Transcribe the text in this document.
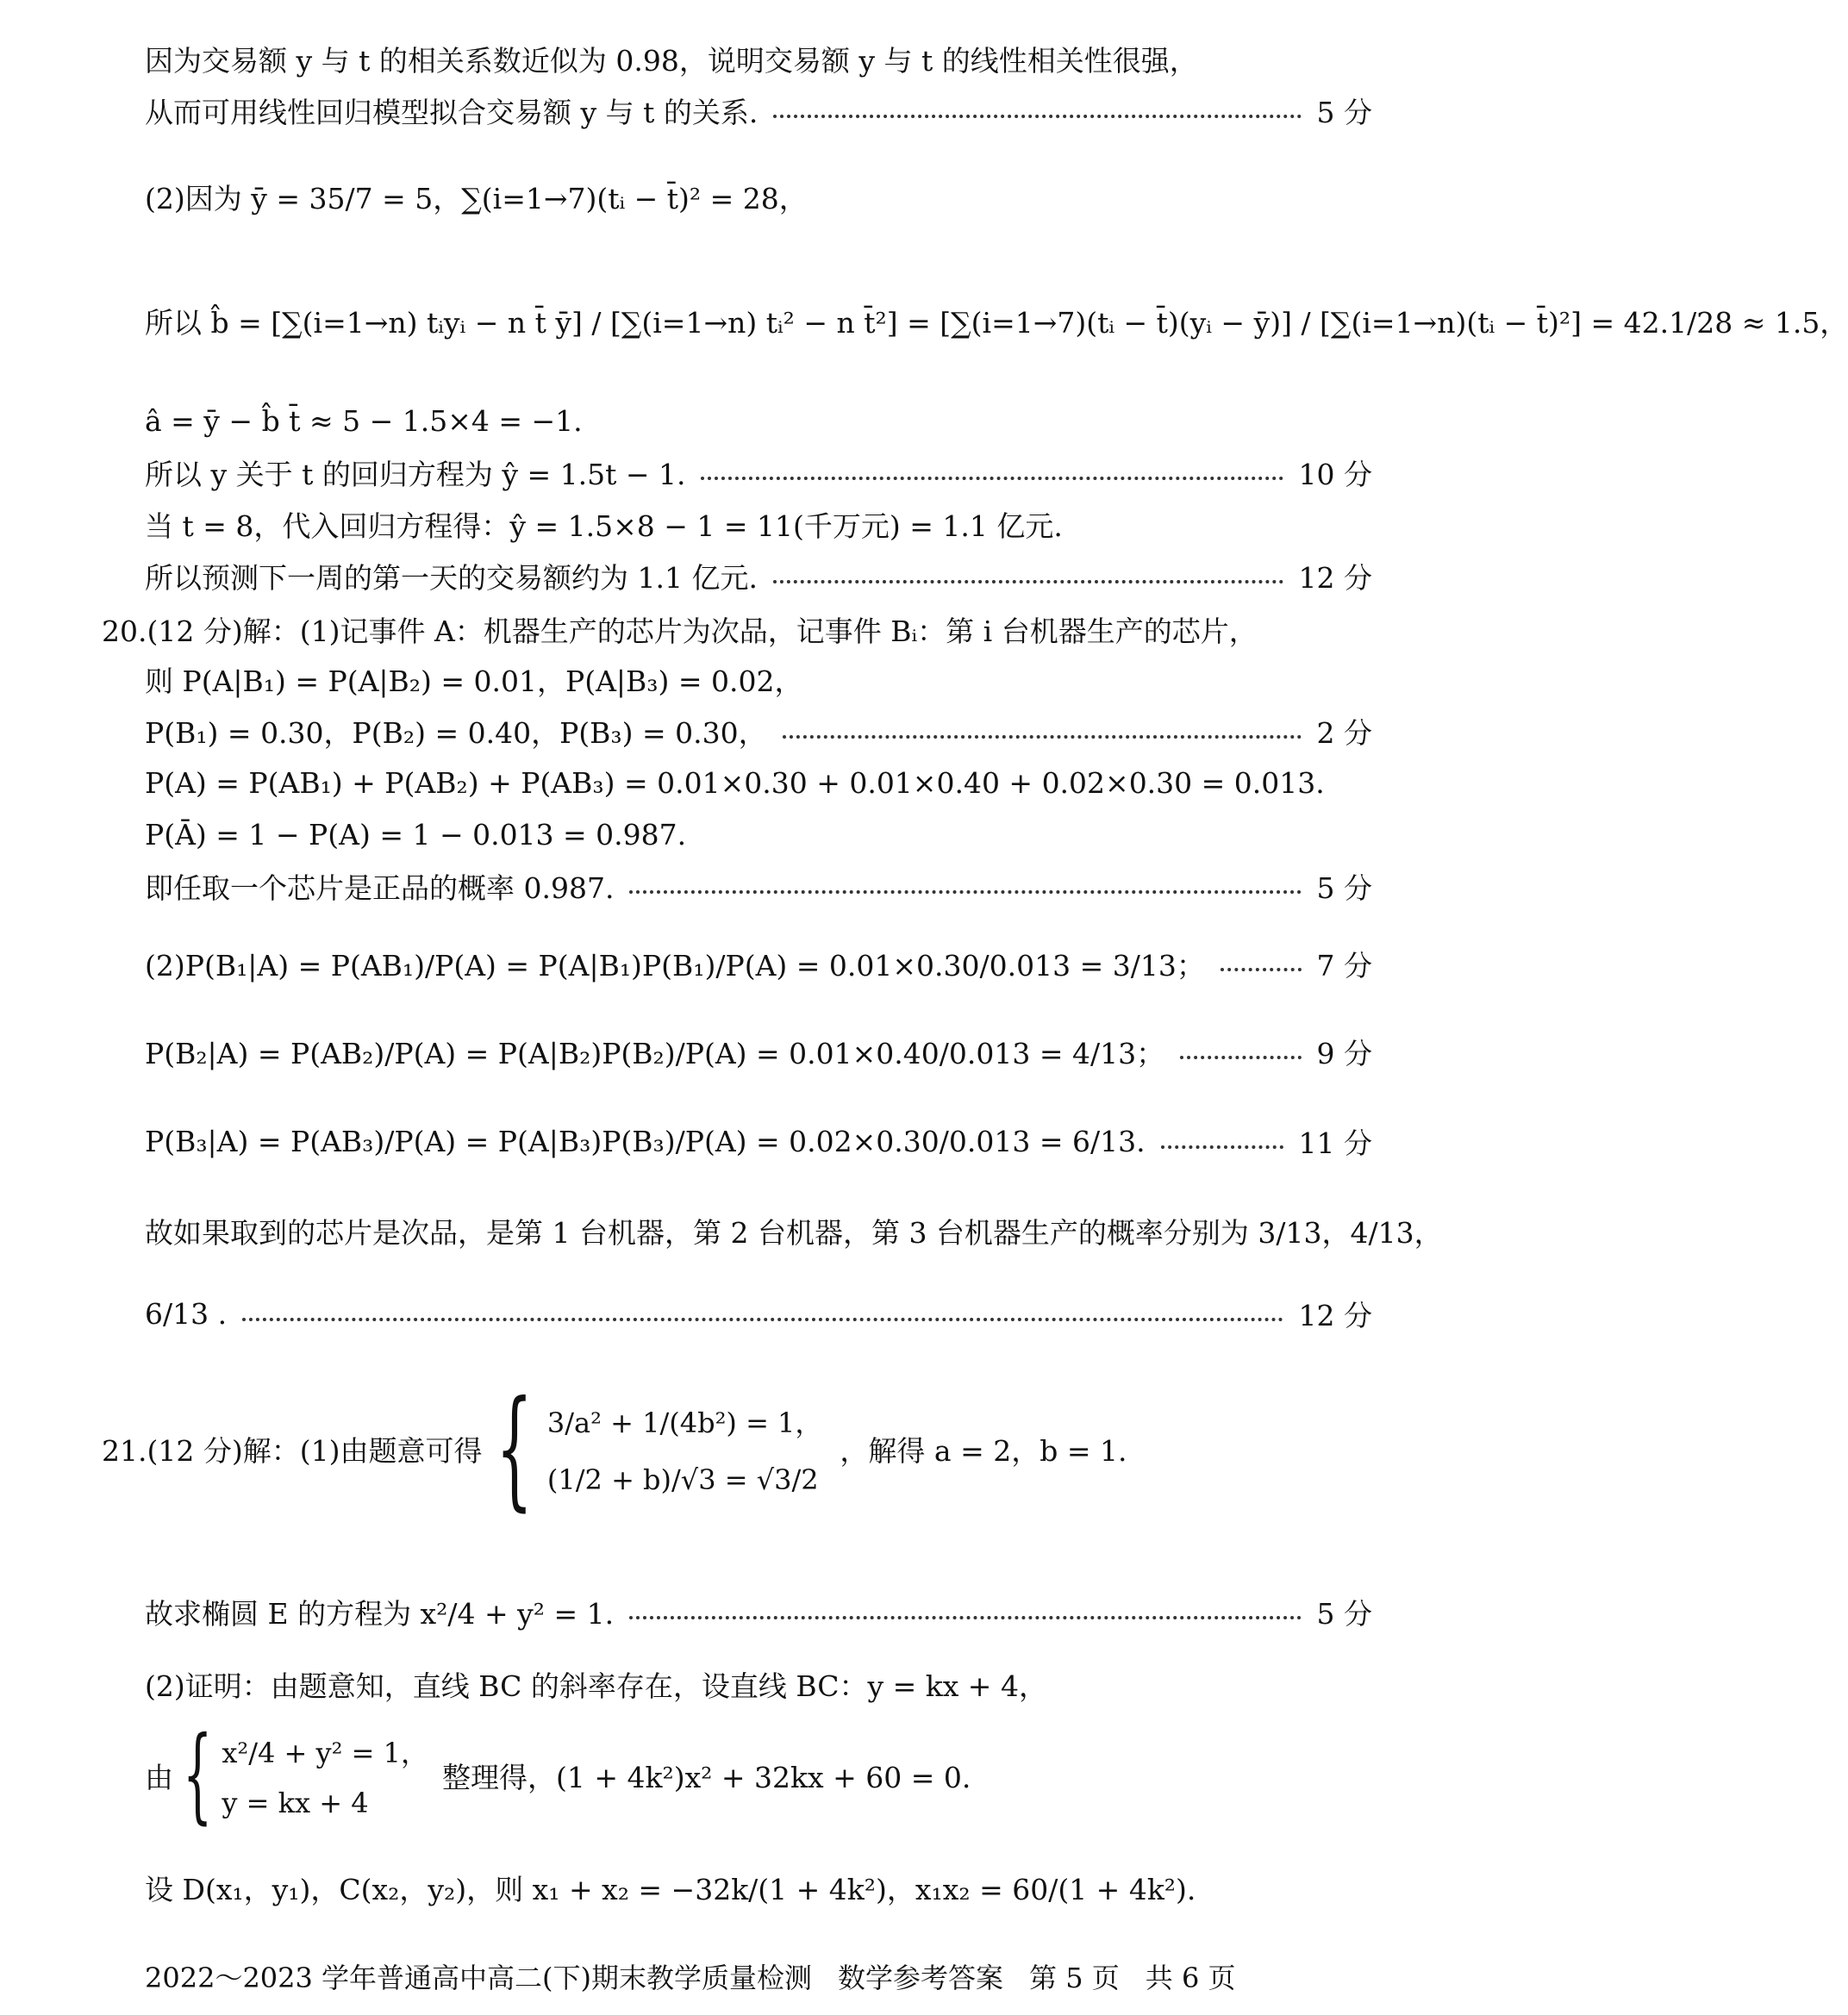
因为交易额 y 与 t 的相关系数近似为 0.98，说明交易额 y 与 t 的线性相关性很强，
从而可用线性回归模型拟合交易额 y 与 t 的关系.	5 分
(2)因为 ȳ = 35/7 = 5，∑(i=1→7)(tᵢ − t̄)² = 28，
所以 b̂ = [∑(i=1→n) tᵢyᵢ − n t̄ ȳ] / [∑(i=1→n) tᵢ² − n t̄²] = [∑(i=1→7)(tᵢ − t̄)(yᵢ − ȳ)] / [∑(i=1→n)(tᵢ − t̄)²] = 42.1/28 ≈ 1.5，
â = ȳ − b̂ t̄ ≈ 5 − 1.5×4 = −1.
所以 y 关于 t 的回归方程为 ŷ = 1.5t − 1.	10 分
当 t = 8，代入回归方程得：ŷ = 1.5×8 − 1 = 11(千万元) = 1.1 亿元.
所以预测下一周的第一天的交易额约为 1.1 亿元.	12 分
20.(12 分)解：(1)记事件 A：机器生产的芯片为次品，记事件 Bᵢ：第 i 台机器生产的芯片，
则 P(A|B₁) = P(A|B₂) = 0.01，P(A|B₃) = 0.02，
P(B₁) = 0.30，P(B₂) = 0.40，P(B₃) = 0.30，	2 分
P(A) = P(AB₁) + P(AB₂) + P(AB₃) = 0.01×0.30 + 0.01×0.40 + 0.02×0.30 = 0.013.
P(Ā) = 1 − P(A) = 1 − 0.013 = 0.987.
即任取一个芯片是正品的概率 0.987.	5 分
(2)P(B₁|A) = P(AB₁)/P(A) = P(A|B₁)P(B₁)/P(A) = 0.01×0.30/0.013 = 3/13；	7 分
P(B₂|A) = P(AB₂)/P(A) = P(A|B₂)P(B₂)/P(A) = 0.01×0.40/0.013 = 4/13；	9 分
P(B₃|A) = P(AB₃)/P(A) = P(A|B₃)P(B₃)/P(A) = 0.02×0.30/0.013 = 6/13.	11 分
故如果取到的芯片是次品，是第 1 台机器，第 2 台机器，第 3 台机器生产的概率分别为 3/13，4/13，
6/13 .	12 分
21.(12 分)解：(1)由题意可得 { 3/a² + 1/(4b²) = 1，
(1/2 + b)/√3 = √3/2
，解得 a = 2，b = 1.
故求椭圆 E 的方程为 x²/4 + y² = 1.	5 分
(2)证明：由题意知，直线 BC 的斜率存在，设直线 BC：y = kx + 4，
由 { x²/4 + y² = 1，
y = kx + 4
整理得，(1 + 4k²)x² + 32kx + 60 = 0.
设 D(x₁，y₁)，C(x₂，y₂)，则 x₁ + x₂ = −32k/(1 + 4k²)，x₁x₂ = 60/(1 + 4k²).
2022～2023 学年普通高中高二(下)期末教学质量检测 数学参考答案 第 5 页 共 6 页
